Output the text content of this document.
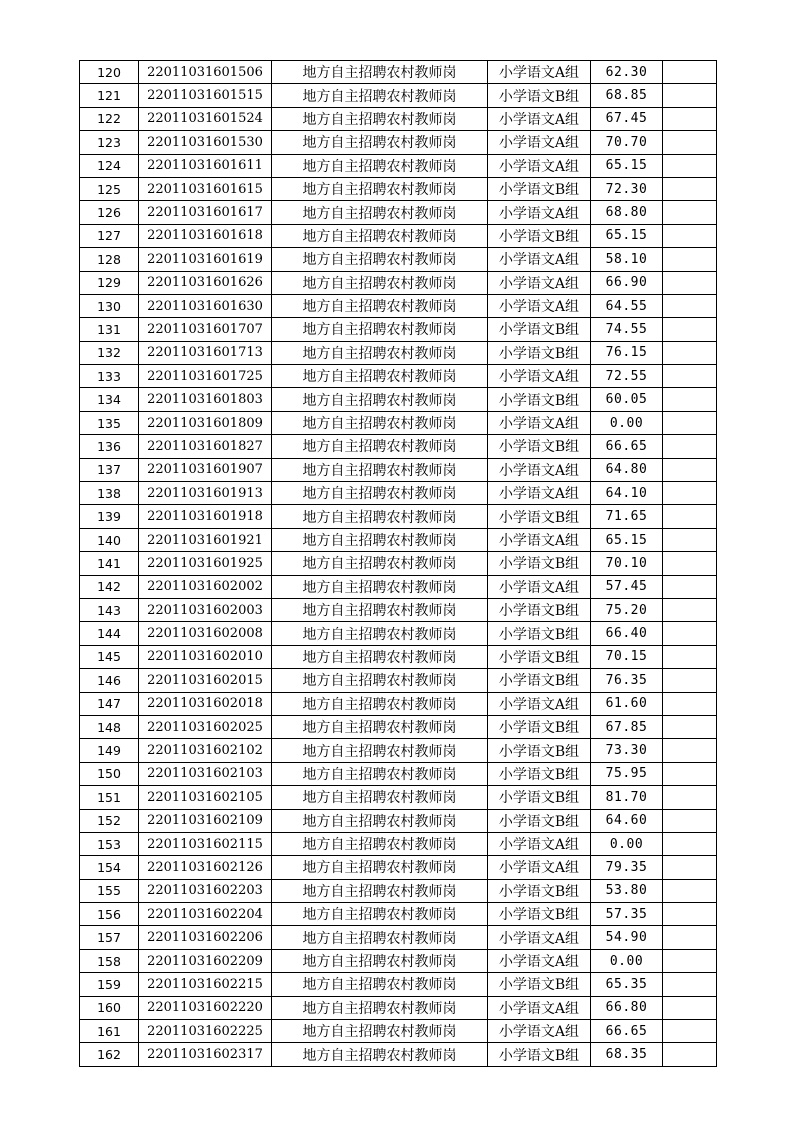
120	22011031601506	地方自主招聘农村教师岗	小学语文A组	62.30	
121	22011031601515	地方自主招聘农村教师岗	小学语文B组	68.85	
122	22011031601524	地方自主招聘农村教师岗	小学语文A组	67.45	
123	22011031601530	地方自主招聘农村教师岗	小学语文A组	70.70	
124	22011031601611	地方自主招聘农村教师岗	小学语文A组	65.15	
125	22011031601615	地方自主招聘农村教师岗	小学语文B组	72.30	
126	22011031601617	地方自主招聘农村教师岗	小学语文A组	68.80	
127	22011031601618	地方自主招聘农村教师岗	小学语文B组	65.15	
128	22011031601619	地方自主招聘农村教师岗	小学语文A组	58.10	
129	22011031601626	地方自主招聘农村教师岗	小学语文A组	66.90	
130	22011031601630	地方自主招聘农村教师岗	小学语文A组	64.55	
131	22011031601707	地方自主招聘农村教师岗	小学语文B组	74.55	
132	22011031601713	地方自主招聘农村教师岗	小学语文B组	76.15	
133	22011031601725	地方自主招聘农村教师岗	小学语文A组	72.55	
134	22011031601803	地方自主招聘农村教师岗	小学语文B组	60.05	
135	22011031601809	地方自主招聘农村教师岗	小学语文A组	0.00	
136	22011031601827	地方自主招聘农村教师岗	小学语文B组	66.65	
137	22011031601907	地方自主招聘农村教师岗	小学语文A组	64.80	
138	22011031601913	地方自主招聘农村教师岗	小学语文A组	64.10	
139	22011031601918	地方自主招聘农村教师岗	小学语文B组	71.65	
140	22011031601921	地方自主招聘农村教师岗	小学语文A组	65.15	
141	22011031601925	地方自主招聘农村教师岗	小学语文B组	70.10	
142	22011031602002	地方自主招聘农村教师岗	小学语文A组	57.45	
143	22011031602003	地方自主招聘农村教师岗	小学语文B组	75.20	
144	22011031602008	地方自主招聘农村教师岗	小学语文B组	66.40	
145	22011031602010	地方自主招聘农村教师岗	小学语文B组	70.15	
146	22011031602015	地方自主招聘农村教师岗	小学语文B组	76.35	
147	22011031602018	地方自主招聘农村教师岗	小学语文A组	61.60	
148	22011031602025	地方自主招聘农村教师岗	小学语文B组	67.85	
149	22011031602102	地方自主招聘农村教师岗	小学语文B组	73.30	
150	22011031602103	地方自主招聘农村教师岗	小学语文B组	75.95	
151	22011031602105	地方自主招聘农村教师岗	小学语文B组	81.70	
152	22011031602109	地方自主招聘农村教师岗	小学语文B组	64.60	
153	22011031602115	地方自主招聘农村教师岗	小学语文A组	0.00	
154	22011031602126	地方自主招聘农村教师岗	小学语文A组	79.35	
155	22011031602203	地方自主招聘农村教师岗	小学语文B组	53.80	
156	22011031602204	地方自主招聘农村教师岗	小学语文B组	57.35	
157	22011031602206	地方自主招聘农村教师岗	小学语文A组	54.90	
158	22011031602209	地方自主招聘农村教师岗	小学语文A组	0.00	
159	22011031602215	地方自主招聘农村教师岗	小学语文B组	65.35	
160	22011031602220	地方自主招聘农村教师岗	小学语文A组	66.80	
161	22011031602225	地方自主招聘农村教师岗	小学语文A组	66.65	
162	22011031602317	地方自主招聘农村教师岗	小学语文B组	68.35	
